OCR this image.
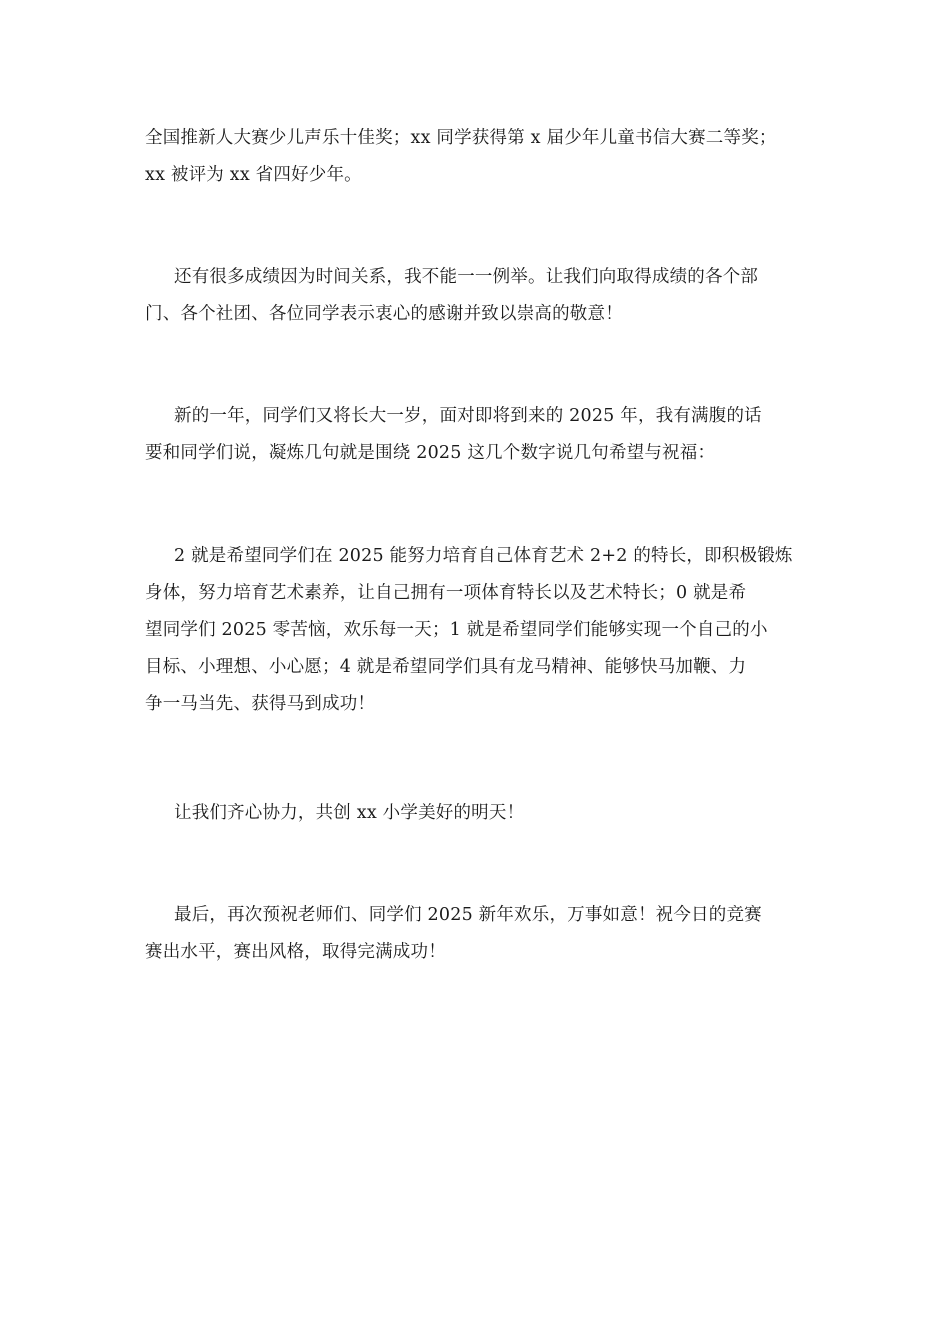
全国推新人大赛少儿声乐十佳奖；xx 同学获得第 x 届少年儿童书信大赛二等奖；
xx 被评为 xx 省四好少年。

还有很多成绩因为时间关系，我不能一一例举。让我们向取得成绩的各个部
门、各个社团、各位同学表示衷心的感谢并致以崇高的敬意！

新的一年，同学们又将长大一岁，面对即将到来的 2025 年，我有满腹的话
要和同学们说，凝炼几句就是围绕 2025 这几个数字说几句希望与祝福：

2 就是希望同学们在 2025 能努力培育自己体育艺术 2+2 的特长，即积极锻炼
身体，努力培育艺术素养，让自己拥有一项体育特长以及艺术特长；0 就是希
望同学们 2025 零苦恼，欢乐每一天；1 就是希望同学们能够实现一个自己的小
目标、小理想、小心愿；4 就是希望同学们具有龙马精神、能够快马加鞭、力
争一马当先、获得马到成功！

让我们齐心协力，共创 xx 小学美好的明天！

最后，再次预祝老师们、同学们 2025 新年欢乐，万事如意！祝今日的竞赛
赛出水平，赛出风格，取得完满成功！
